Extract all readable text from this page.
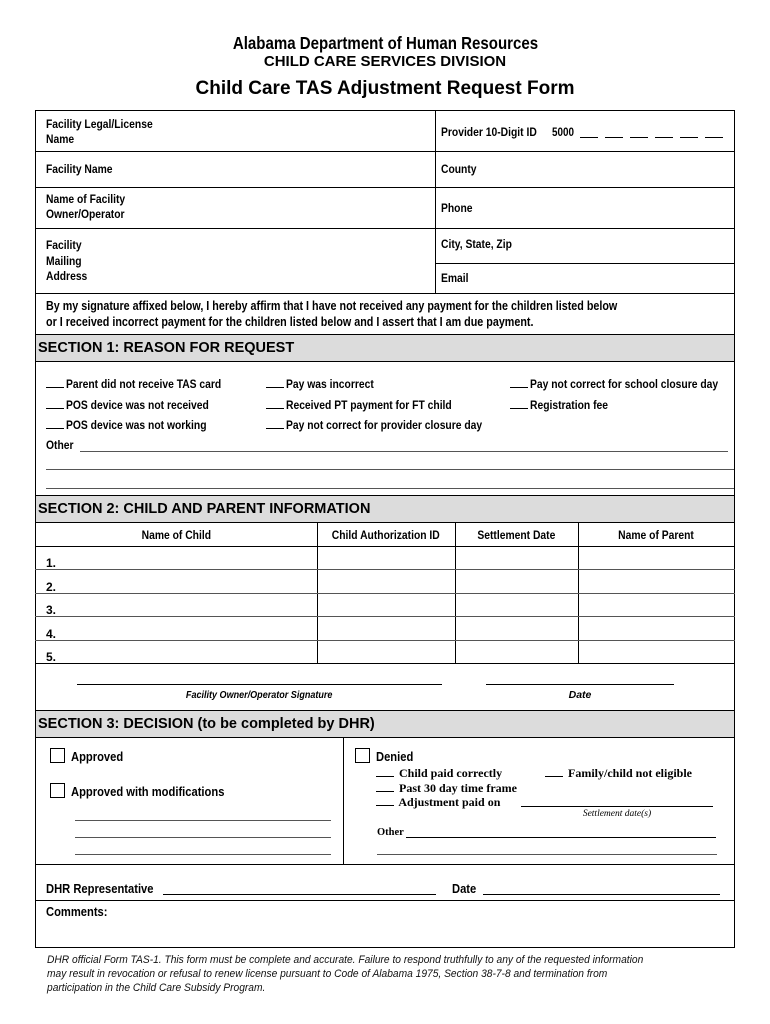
Alabama Department of Human Resources
CHILD CARE SERVICES DIVISION
Child Care TAS Adjustment Request Form
Facility Legal/License
Name	Provider 10-Digit ID	5000
Facility Name	County
Name of Facility
Owner/Operator	Phone
Facility
Mailing
Address
City, State, Zip
Email
By my signature affixed below, I hereby affirm that I have not received any payment for the children listed below
or I received incorrect payment for the children listed below and I assert that I am due payment.
SECTION 1: REASON FOR REQUEST
Parent did not receive TAS card
POS device was not received
POS device was not working
Pay was incorrect
Received PT payment for FT child
Pay not correct for provider closure day
Pay not correct for school closure day
Registration fee
Other
SECTION 2: CHILD AND PARENT INFORMATION
Name of Child	Child Authorization ID	Settlement Date	Name of Parent
1.
2.
3.
4.
5.
Facility Owner/Operator Signature	Date
SECTION 3: DECISION (to be completed by DHR)
Approved
Approved with modifications
Denied
Child paid correctly
Past 30 day time frame
Adjustment paid on
Family/child not eligible
Settlement date(s)
Other
DHR Representative	Date
Comments:
DHR official Form TAS-1. This form must be complete and accurate. Failure to respond truthfully to any of the requested information
may result in revocation or refusal to renew license pursuant to Code of Alabama 1975, Section 38-7-8 and termination from
participation in the Child Care Subsidy Program.
